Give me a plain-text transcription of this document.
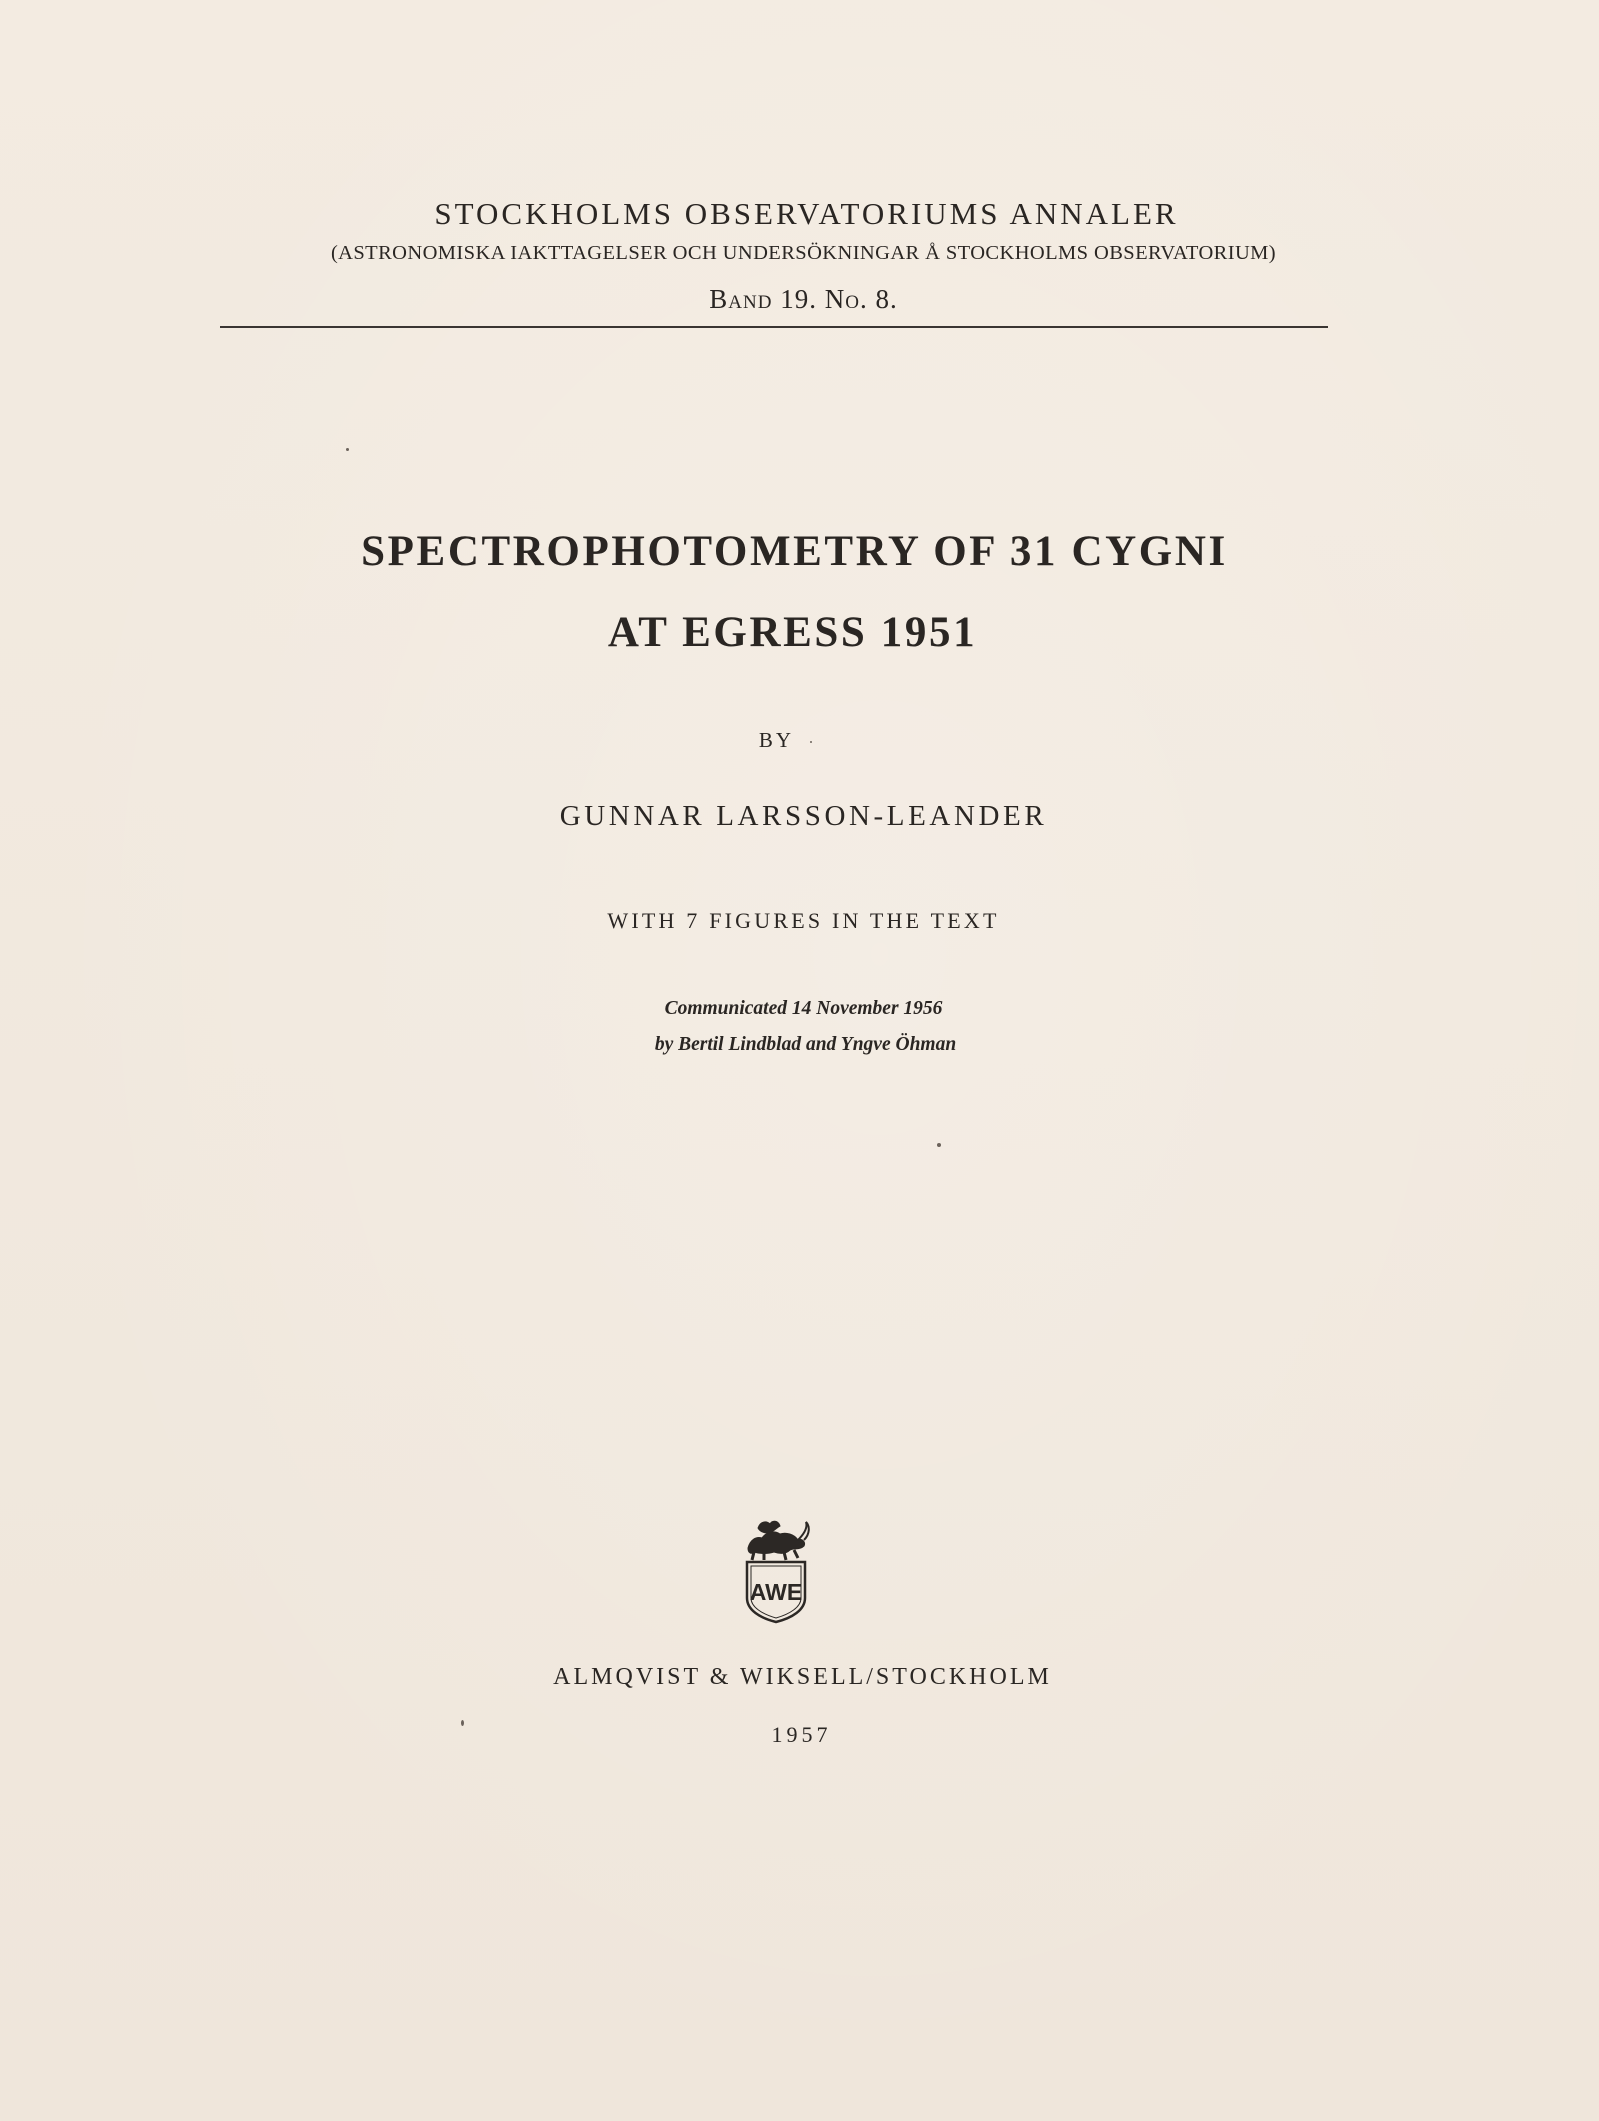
STOCKHOLMS OBSERVATORIUMS ANNALER
(ASTRONOMISKA IAKTTAGELSER OCH UNDERSÖKNINGAR Å STOCKHOLMS OBSERVATORIUM)
Band 19. No. 8.
SPECTROPHOTOMETRY OF 31 CYGNI
AT EGRESS 1951
BY
GUNNAR LARSSON-LEANDER
WITH 7 FIGURES IN THE TEXT
Communicated 14 November 1956
by Bertil Lindblad and Yngve Öhman
AWE
ALMQVIST & WIKSELL/STOCKHOLM
1957
